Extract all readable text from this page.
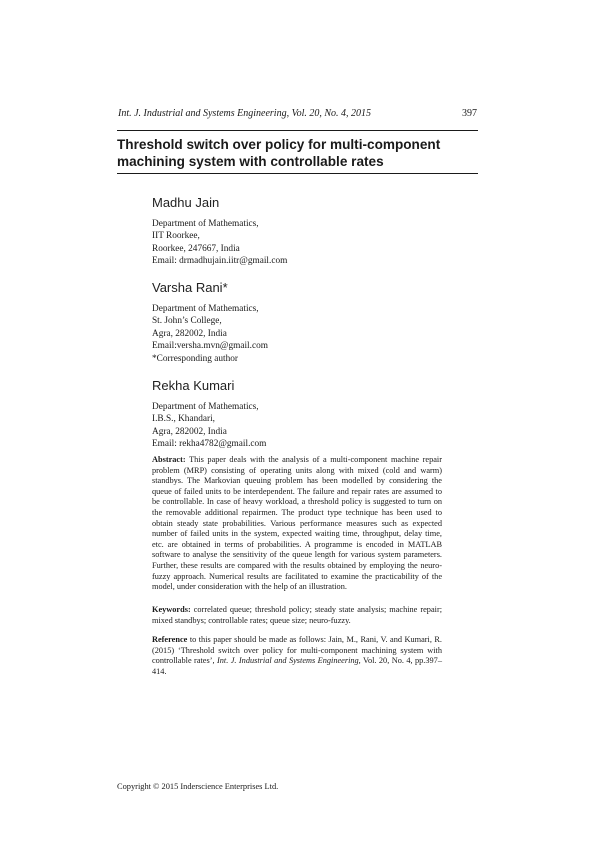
Int. J. Industrial and Systems Engineering, Vol. 20, No. 4, 2015	397
Threshold switch over policy for multi-component
machining system with controllable rates
Madhu Jain
Department of Mathematics,
IIT Roorkee,
Roorkee, 247667, India
Email: drmadhujain.iitr@gmail.com
Varsha Rani*
Department of Mathematics,
St. John’s College,
Agra, 282002, India
Email:versha.mvn@gmail.com
*Corresponding author
Rekha Kumari
Department of Mathematics,
I.B.S., Khandari,
Agra, 282002, India
Email: rekha4782@gmail.com

Abstract: This paper deals with the analysis of a multi-component machine repair problem (MRP) consisting of operating units along with mixed (cold and warm) standbys. The Markovian queuing problem has been modelled by considering the queue of failed units to be interdependent. The failure and repair rates are assumed to be controllable. In case of heavy workload, a threshold policy is suggested to turn on the removable additional repairmen. The product type technique has been used to obtain steady state probabilities. Various performance measures such as expected number of failed units in the system, expected waiting time, throughput, delay time, etc. are obtained in terms of probabilities. A programme is encoded in MATLAB software to analyse the sensitivity of the queue length for various system parameters. Further, these results are compared with the results obtained by employing the neuro-fuzzy approach. Numerical results are facilitated to examine the practicability of the model, under consideration with the help of an illustration.

Keywords: correlated queue; threshold policy; steady state analysis; machine repair; mixed standbys; controllable rates; queue size; neuro-fuzzy.

Reference to this paper should be made as follows: Jain, M., Rani, V. and Kumari, R. (2015) ‘Threshold switch over policy for multi-component machining system with controllable rates’, Int. J. Industrial and Systems Engineering, Vol. 20, No. 4, pp.397–414.

Copyright © 2015 Inderscience Enterprises Ltd.
